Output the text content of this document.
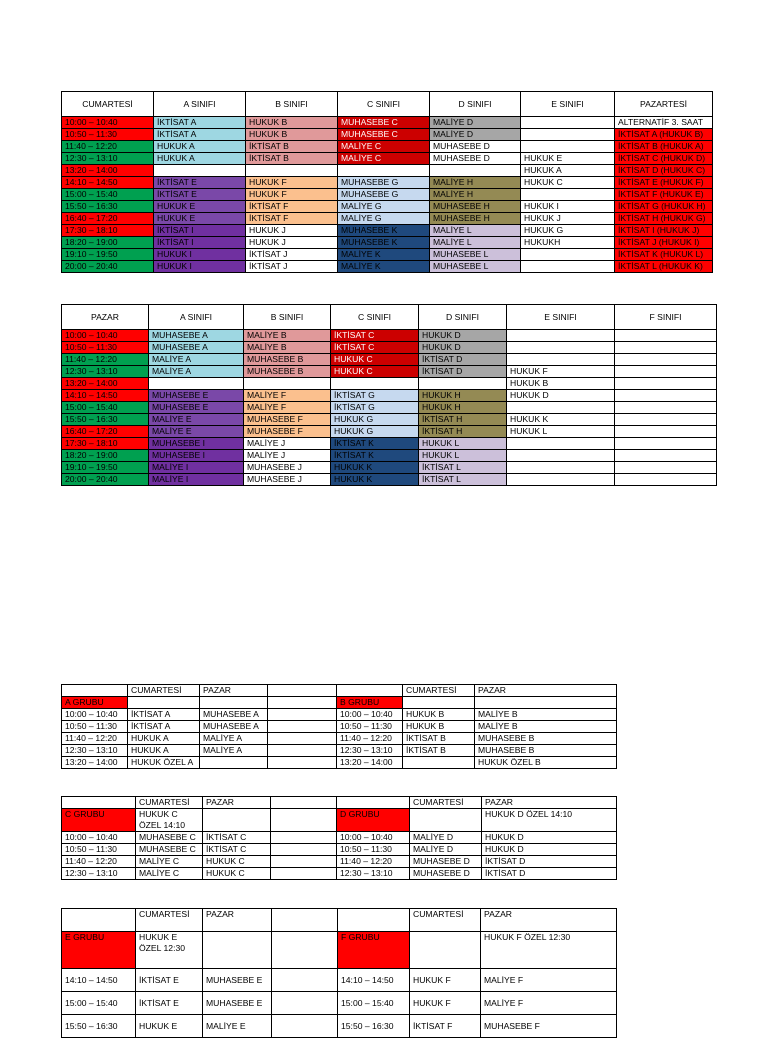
CUMARTESİ	A SINIFI	B SINIFI	C SINIFI	D SINIFI	E SINIFI	PAZARTESİ
10:00 – 10:40	İKTİSAT A	HUKUK B	MUHASEBE C	MALİYE D		ALTERNATİF 3. SAAT
10:50 – 11:30	İKTİSAT A	HUKUK B	MUHASEBE C	MALİYE D		İKTİSAT A (HUKUK B)
11:40 – 12:20	HUKUK A	İKTİSAT B	MALİYE C	MUHASEBE D		İKTİSAT B (HUKUK A)
12:30 – 13:10	HUKUK A	İKTİSAT B	MALİYE C	MUHASEBE D	HUKUK E	İKTİSAT C (HUKUK D)
13:20 – 14:00					HUKUK A	İKTİSAT D (HUKUK C)
14:10 – 14:50	İKTİSAT E	HUKUK F	MUHASEBE G	MALİYE H	HUKUK C	İKTİSAT E (HUKUK F)
15:00 – 15:40	İKTİSAT E	HUKUK F	MUHASEBE G	MALİYE H		İKTİSAT F (HUKUK E)
15:50 – 16:30	HUKUK E	İKTİSAT F	MALİYE G	MUHASEBE H	HUKUK I	İKTİSAT G (HUKUK H)
16:40 – 17:20	HUKUK E	İKTİSAT F	MALİYE G	MUHASEBE H	HUKUK J	İKTİSAT H (HUKUK G)
17:30 – 18:10	İKTİSAT I	HUKUK J	MUHASEBE K	MALİYE L	HUKUK G	İKTİSAT I (HUKUK J)
18:20 – 19:00	İKTİSAT I	HUKUK J	MUHASEBE K	MALİYE L	HUKUKH	İKTİSAT J (HUKUK I)
19:10 – 19:50	HUKUK I	İKTİSAT J	MALİYE K	MUHASEBE L		İKTİSAT K (HUKUK L)
20:00 – 20:40	HUKUK I	İKTİSAT J	MALİYE K	MUHASEBE L		İKTİSAT L (HUKUK K)
PAZAR	A SINIFI	B SINIFI	C SINIFI	D SINIFI	E SINIFI	F SINIFI
10:00 – 10:40	MUHASEBE A	MALİYE B	İKTİSAT C	HUKUK D		
10:50 – 11:30	MUHASEBE A	MALİYE B	İKTİSAT C	HUKUK D		
11:40 – 12:20	MALİYE A	MUHASEBE B	HUKUK C	İKTİSAT D		
12:30 – 13:10	MALİYE A	MUHASEBE B	HUKUK C	İKTİSAT D	HUKUK F	
13:20 – 14:00					HUKUK B	
14:10 – 14:50	MUHASEBE E	MALİYE F	İKTİSAT G	HUKUK H	HUKUK D	
15:00 – 15:40	MUHASEBE E	MALİYE F	İKTİSAT G	HUKUK H		
15:50 – 16:30	MALİYE E	MUHASEBE F	HUKUK G	İKTİSAT H	HUKUK K	
16:40 – 17:20	MALİYE E	MUHASEBE F	HUKUK G	İKTİSAT H	HUKUK L	
17:30 – 18:10	MUHASEBE I	MALİYE J	İKTİSAT K	HUKUK L		
18:20 – 19:00	MUHASEBE I	MALİYE J	İKTİSAT K	HUKUK L		
19:10 – 19:50	MALİYE I	MUHASEBE J	HUKUK K	İKTİSAT L		
20:00 – 20:40	MALİYE I	MUHASEBE J	HUKUK K	İKTİSAT L		
	CUMARTESİ	PAZAR	
A GRUBU			
10:00 – 10:40	İKTİSAT A	MUHASEBE A	
10:50 – 11:30	İKTİSAT A	MUHASEBE A	
11:40 – 12:20	HUKUK A	MALİYE A	
12:30 – 13:10	HUKUK A	MALİYE A	
13:20 – 14:00	HUKUK ÖZEL A		
	CUMARTESİ	PAZAR
B GRUBU		
10:00 – 10:40	HUKUK B	MALİYE B
10:50 – 11:30	HUKUK B	MALİYE B
11:40 – 12:20	İKTİSAT B	MUHASEBE B
12:30 – 13:10	İKTİSAT B	MUHASEBE B
13:20 – 14:00		HUKUK ÖZEL B
	CUMARTESİ	PAZAR	
C GRUBU	HUKUK C
ÖZEL 14:10		
10:00 – 10:40	MUHASEBE C	İKTİSAT C	
10:50 – 11:30	MUHASEBE C	İKTİSAT C	
11:40 – 12:20	MALİYE C	HUKUK C	
12:30 – 13:10	MALİYE C	HUKUK C	
	CUMARTESİ	PAZAR
D GRUBU		HUKUK D ÖZEL 14:10
10:00 – 10:40	MALİYE D	HUKUK D
10:50 – 11:30	MALİYE D	HUKUK D
11:40 – 12:20	MUHASEBE D	İKTİSAT D
12:30 – 13:10	MUHASEBE D	İKTİSAT D
	CUMARTESİ	PAZAR	
E GRUBU	HUKUK E
ÖZEL 12:30		
14:10 – 14:50	İKTİSAT E	MUHASEBE E	
15:00 – 15:40	İKTİSAT E	MUHASEBE E	
15:50 – 16:30	HUKUK E	MALİYE E	
	CUMARTESİ	PAZAR
F GRUBU		HUKUK F ÖZEL 12:30
14:10 – 14:50	HUKUK F	MALİYE F
15:00 – 15:40	HUKUK F	MALİYE F
15:50 – 16:30	İKTİSAT F	MUHASEBE F
